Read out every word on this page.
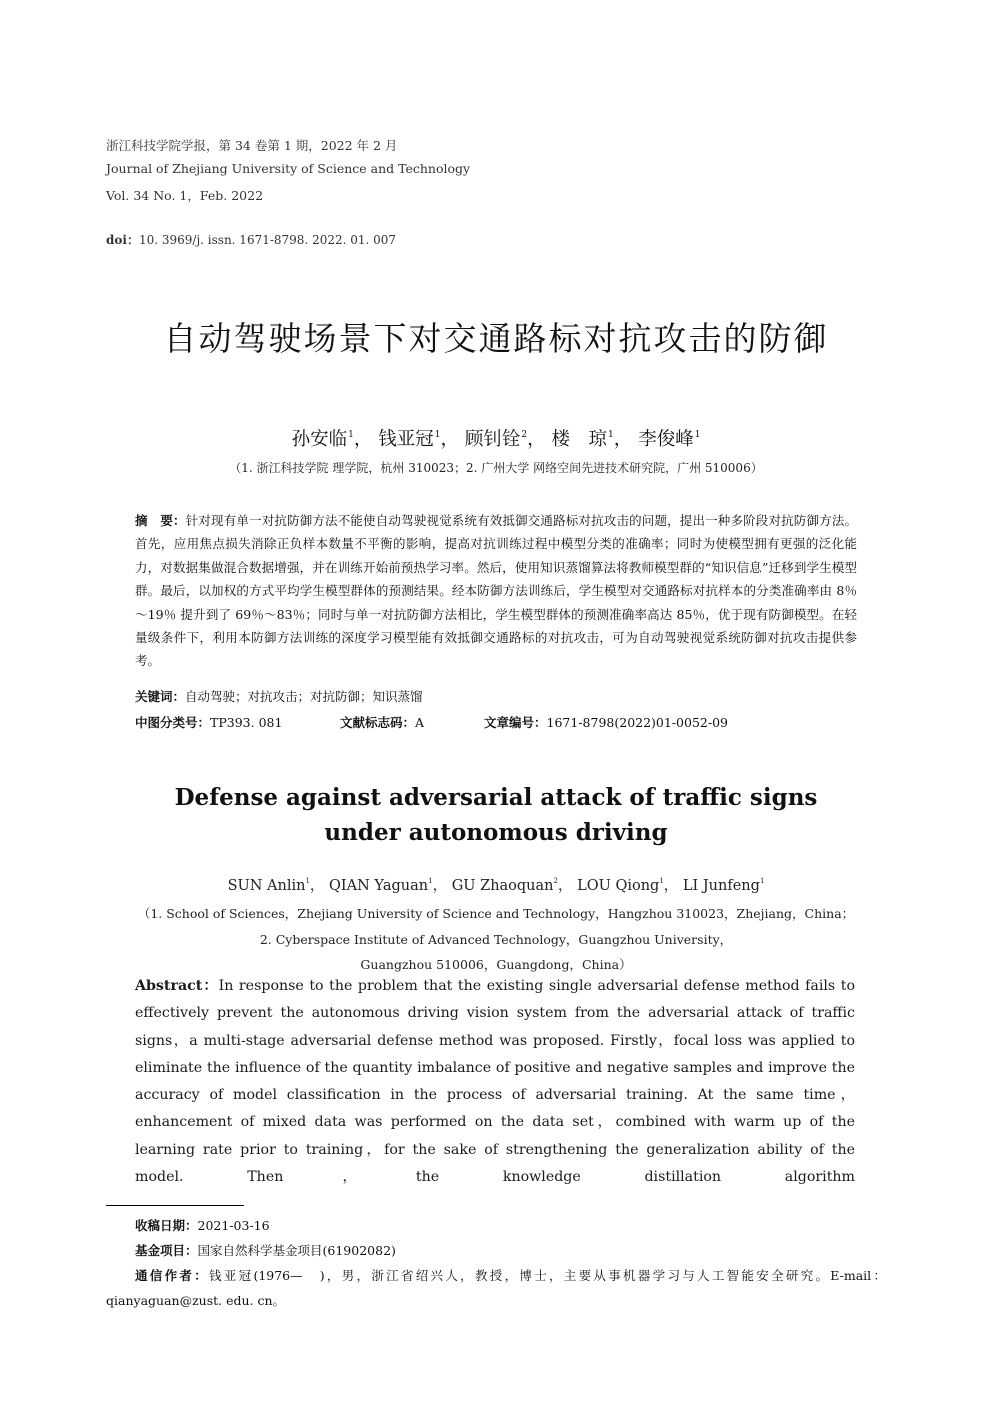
浙江科技学院学报，第 34 卷第 1 期，2022 年 2 月
Journal of Zhejiang University of Science and Technology
Vol. 34 No. 1，Feb. 2022
doi：10. 3969/j. issn. 1671-8798. 2022. 01. 007
自动驾驶场景下对交通路标对抗攻击的防御
孙安临$^1$， 钱亚冠$^1$， 顾钊铨$^2$， 楼　琼$^1$， 李俊峰$^1$
（1. 浙江科技学院 理学院，杭州 310023；2. 广州大学 网络空间先进技术研究院，广州 510006）
摘　要：针对现有单一对抗防御方法不能使自动驾驶视觉系统有效抵御交通路标对抗攻击的问题，提出一种多阶段对抗防御方法。首先，应用焦点损失消除正负样本数量不平衡的影响，提高对抗训练过程中模型分类的准确率；同时为使模型拥有更强的泛化能力，对数据集做混合数据增强，并在训练开始前预热学习率。然后，使用知识蒸馏算法将教师模型群的“知识信息”迁移到学生模型群。最后，以加权的方式平均学生模型群体的预测结果。经本防御方法训练后，学生模型对交通路标对抗样本的分类准确率由 8％～19％ 提升到了 69％～83％；同时与单一对抗防御方法相比，学生模型群体的预测准确率高达 85％，优于现有防御模型。在轻量级条件下，利用本防御方法训练的深度学习模型能有效抵御交通路标的对抗攻击，可为自动驾驶视觉系统防御对抗攻击提供参考。
关键词：自动驾驶；对抗攻击；对抗防御；知识蒸馏
中图分类号：TP393. 081	文献标志码：A	文章编号：1671-8798(2022)01-0052-09
Defense against adversarial attack of traffic signs
under autonomous driving
SUN Anlin$^1$， QIAN Yaguan$^1$， GU Zhaoquan$^2$， LOU Qiong$^1$， LI Junfeng$^1$
（1. School of Sciences，Zhejiang University of Science and Technology，Hangzhou 310023，Zhejiang，China；
2. Cyberspace Institute of Advanced Technology，Guangzhou University，
Guangzhou 510006，Guangdong，China）
Abstract：In response to the problem that the existing single adversarial defense method fails to effectively prevent the autonomous driving vision system from the adversarial attack of traffic signs，a multi-stage adversarial defense method was proposed. Firstly，focal loss was applied to eliminate the influence of the quantity imbalance of positive and negative samples and improve the accuracy of model classification in the process of adversarial training. At the same time，enhancement of mixed data was performed on the data set，combined with warm up of the learning rate prior to training，for the sake of strengthening the generalization ability of the model. Then，the knowledge distillation algorithm
收稿日期：2021-03-16
基金项目：国家自然科学基金项目(61902082)
通信作者：钱亚冠(1976—　)，男，浙江省绍兴人，教授，博士，主要从事机器学习与人工智能安全研究。E-mail：qianyaguan@zust. edu. cn。
